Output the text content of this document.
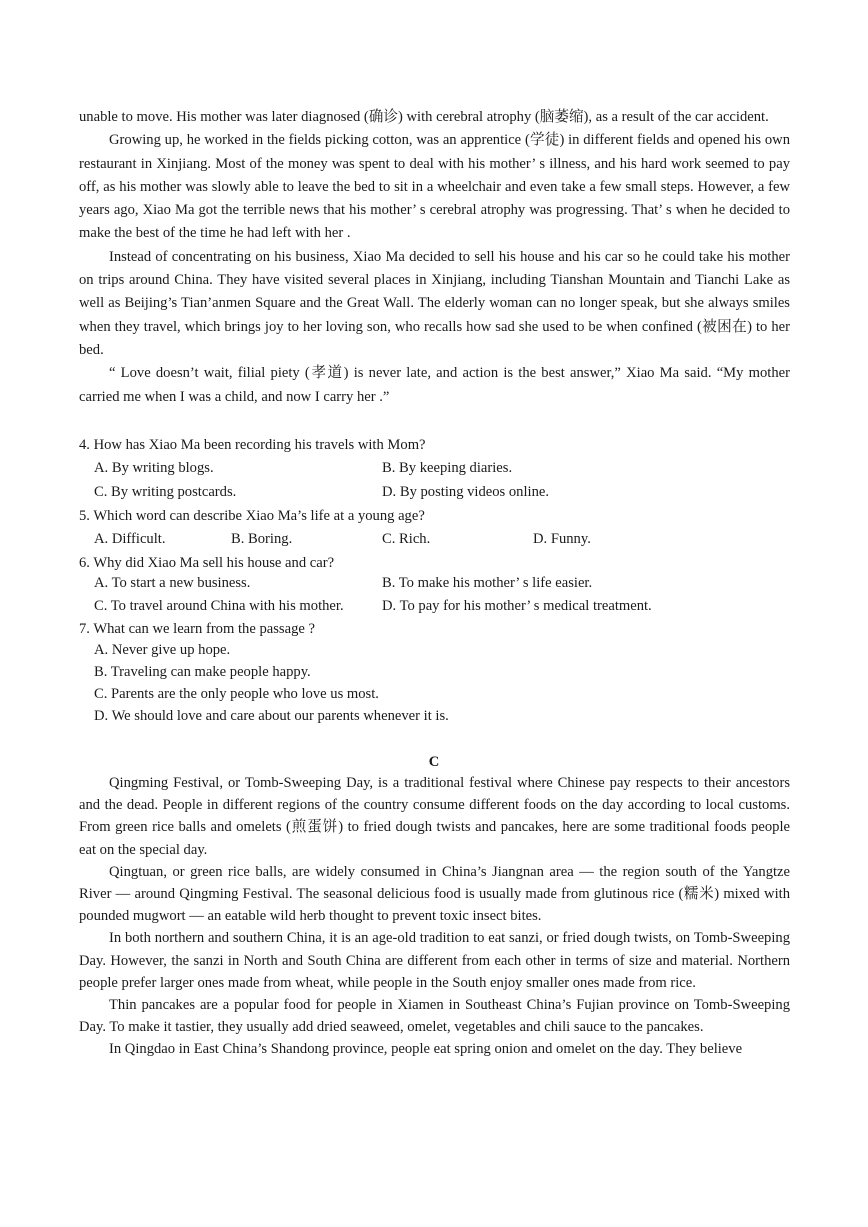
unable to move. His mother was later diagnosed (确诊) with cerebral atrophy (脑萎缩), as a result of the car accident.

Growing up, he worked in the fields picking cotton, was an apprentice (学徒) in different fields and opened his own restaurant in Xinjiang. Most of the money was spent to deal with his mother’ s illness, and his hard work seemed to pay off, as his mother was slowly able to leave the bed to sit in a wheelchair and even take a few small steps. However, a few years ago, Xiao Ma got the terrible news that his mother’ s cerebral atrophy was progressing. That’ s when he decided to make the best of the time he had left with her .

Instead of concentrating on his business, Xiao Ma decided to sell his house and his car so he could take his mother on trips around China. They have visited several places in Xinjiang, including Tianshan Mountain and Tianchi Lake as well as Beijing’s Tian’anmen Square and the Great Wall. The elderly woman can no longer speak, but she always smiles when they travel, which brings joy to her loving son, who recalls how sad she used to be when confined (被困在) to her bed.

“ Love doesn’t wait, filial piety (孝道) is never late, and action is the best answer,” Xiao Ma said. “My mother carried me when I was a child, and now I carry her .”

4. How has Xiao Ma been recording his travels with Mom?

A. By writing blogs.	B. By keeping diaries.

C. By writing postcards.	D. By posting videos online.

5. Which word can describe Xiao Ma’s life at a young age?

A. Difficult.	B. Boring.	C. Rich.	D. Funny.

6. Why did Xiao Ma sell his house and car?

A. To start a new business.	B. To make his mother’ s life easier.

C. To travel around China with his mother.	D. To pay for his mother’ s medical treatment.

7. What can we learn from the passage ?

A. Never give up hope.

B. Traveling can make people happy.

C. Parents are the only people who love us most.

D. We should love and care about our parents whenever it is.

C

Qingming Festival, or Tomb-Sweeping Day, is a traditional festival where Chinese pay respects to their ancestors and the dead. People in different regions of the country consume different foods on the day according to local customs. From green rice balls and omelets (煎蛋饼) to fried dough twists and pancakes, here are some traditional foods people eat on the special day.

Qingtuan, or green rice balls, are widely consumed in China’s Jiangnan area — the region south of the Yangtze River — around Qingming Festival. The seasonal delicious food is usually made from glutinous rice (糯米) mixed with pounded mugwort — an eatable wild herb thought to prevent toxic insect bites.

In both northern and southern China, it is an age-old tradition to eat sanzi, or fried dough twists, on Tomb-Sweeping Day. However, the sanzi in North and South China are different from each other in terms of size and material. Northern people prefer larger ones made from wheat, while people in the South enjoy smaller ones made from rice.

Thin pancakes are a popular food for people in Xiamen in Southeast China’s Fujian province on Tomb-Sweeping Day. To make it tastier, they usually add dried seaweed, omelet, vegetables and chili sauce to the pancakes.

In Qingdao in East China’s Shandong province, people eat spring onion and omelet on the day. They believe
